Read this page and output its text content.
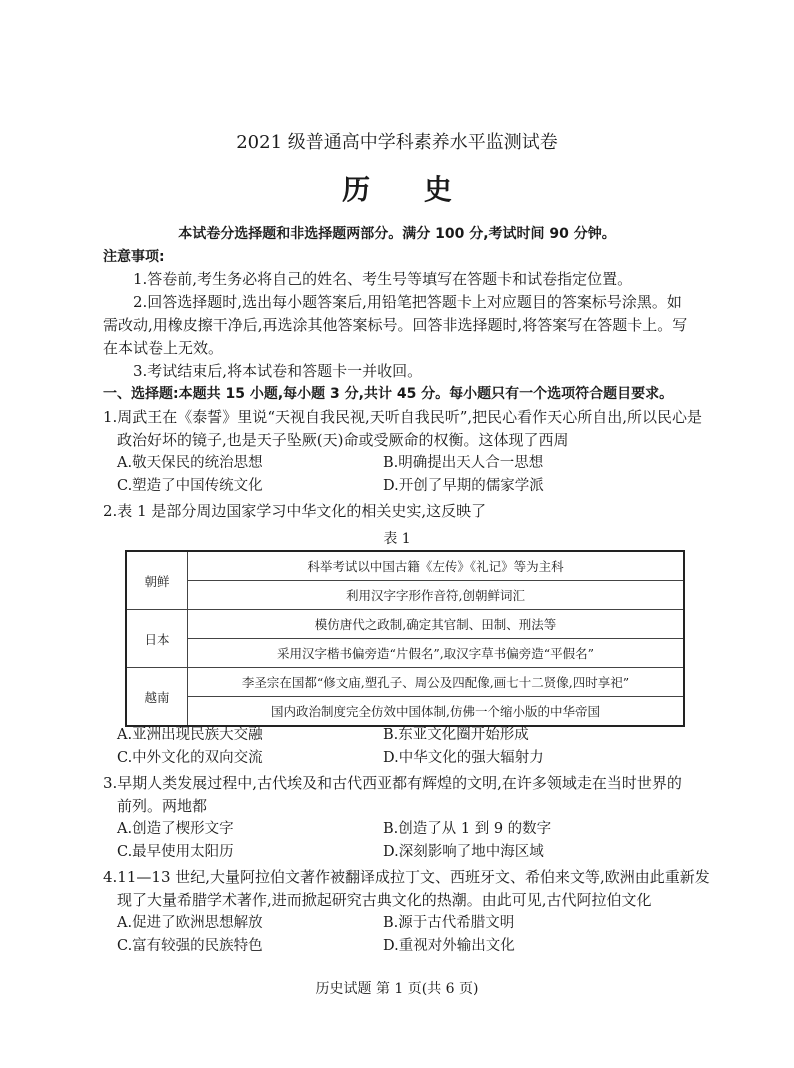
2021 级普通高中学科素养水平监测试卷
历 史
本试卷分选择题和非选择题两部分。满分 100 分,考试时间 90 分钟。
注意事项:
1.答卷前,考生务必将自己的姓名、考生号等填写在答题卡和试卷指定位置。
2.回答选择题时,选出每小题答案后,用铅笔把答题卡上对应题目的答案标号涂黑。如
需改动,用橡皮擦干净后,再选涂其他答案标号。回答非选择题时,将答案写在答题卡上。写
在本试卷上无效。
3.考试结束后,将本试卷和答题卡一并收回。
一、选择题:本题共 15 小题,每小题 3 分,共计 45 分。每小题只有一个选项符合题目要求。
1.周武王在《泰誓》里说“天视自我民视,天听自我民听”,把民心看作天心所自出,所以民心是
政治好坏的镜子,也是天子坠厥(天)命或受厥命的权衡。这体现了西周
A.敬天保民的统治思想	B.明确提出天人合一思想
C.塑造了中国传统文化	D.开创了早期的儒家学派
2.表 1 是部分周边国家学习中华文化的相关史实,这反映了
表 1
朝鲜	科举考试以中国古籍《左传》《礼记》等为主科
	利用汉字字形作音符,创朝鲜词汇
日本	模仿唐代之政制,确定其官制、田制、刑法等
	采用汉字楷书偏旁造“片假名”,取汉字草书偏旁造“平假名”
越南	李圣宗在国都“修文庙,塑孔子、周公及四配像,画七十二贤像,四时享祀”
	国内政治制度完全仿效中国体制,仿佛一个缩小版的中华帝国
A.亚洲出现民族大交融	B.东亚文化圈开始形成
C.中外文化的双向交流	D.中华文化的强大辐射力
3.早期人类发展过程中,古代埃及和古代西亚都有辉煌的文明,在许多领域走在当时世界的
前列。两地都
A.创造了楔形文字	B.创造了从 1 到 9 的数字
C.最早使用太阳历	D.深刻影响了地中海区域
4.11—13 世纪,大量阿拉伯文著作被翻译成拉丁文、西班牙文、希伯来文等,欧洲由此重新发
现了大量希腊学术著作,进而掀起研究古典文化的热潮。由此可见,古代阿拉伯文化
A.促进了欧洲思想解放	B.源于古代希腊文明
C.富有较强的民族特色	D.重视对外输出文化
历史试题 第 1 页(共 6 页)
